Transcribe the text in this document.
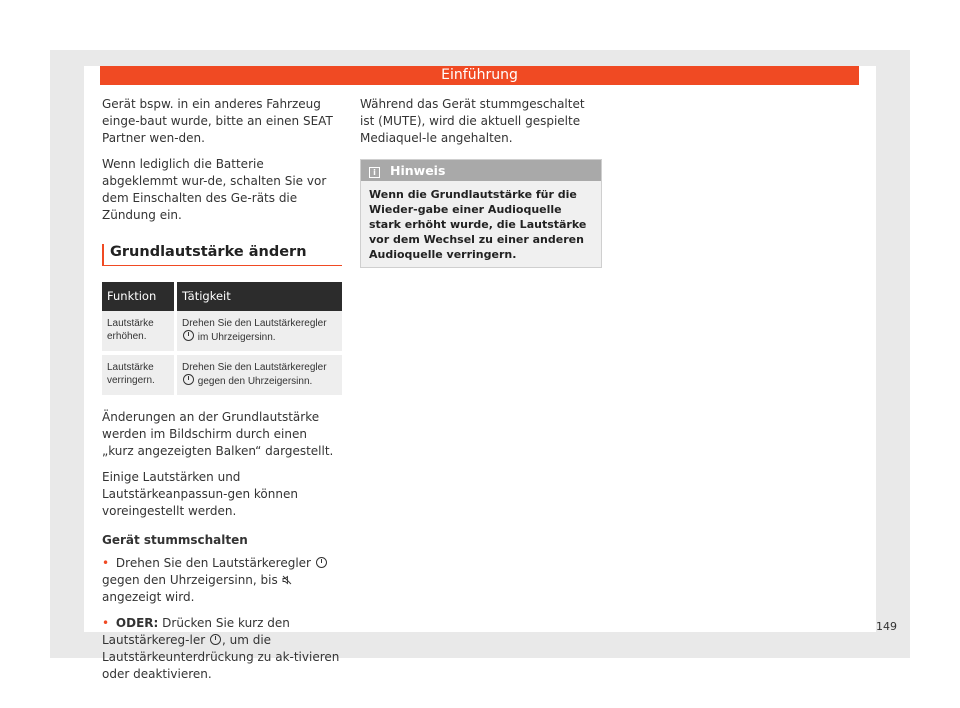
Einführung

Gerät bspw. in ein anderes Fahrzeug einge-baut wurde, bitte an einen SEAT Partner wen-den.

Wenn lediglich die Batterie abgeklemmt wur-de, schalten Sie vor dem Einschalten des Ge-räts die Zündung ein.

Grundlautstärke ändern
Funktion	Tätigkeit
Lautstärke erhöhen.	Drehen Sie den Lautstärkeregler  im Uhrzeigersinn.
Lautstärke verringern.	Drehen Sie den Lautstärkeregler  gegen den Uhrzeigersinn.

Änderungen an der Grundlautstärke werden im Bildschirm durch einen „kurz angezeigten Balken“ dargestellt.

Einige Lautstärken und Lautstärkeanpassun-gen können voreingestellt werden.

Gerät stummschalten

• Drehen Sie den Lautstärkeregler  gegen den Uhrzeigersinn, bis  angezeigt wird.

• ODER: Drücken Sie kurz den Lautstärkereg-ler , um die Lautstärkeunterdrückung zu ak-tivieren oder deaktivieren.

Während das Gerät stummgeschaltet ist (MUTE), wird die aktuell gespielte Mediaquel-le angehalten.

i Hinweis
Wenn die Grundlautstärke für die Wieder-gabe einer Audioquelle stark erhöht wurde, die Lautstärke vor dem Wechsel zu einer anderen Audioquelle verringern.
149
